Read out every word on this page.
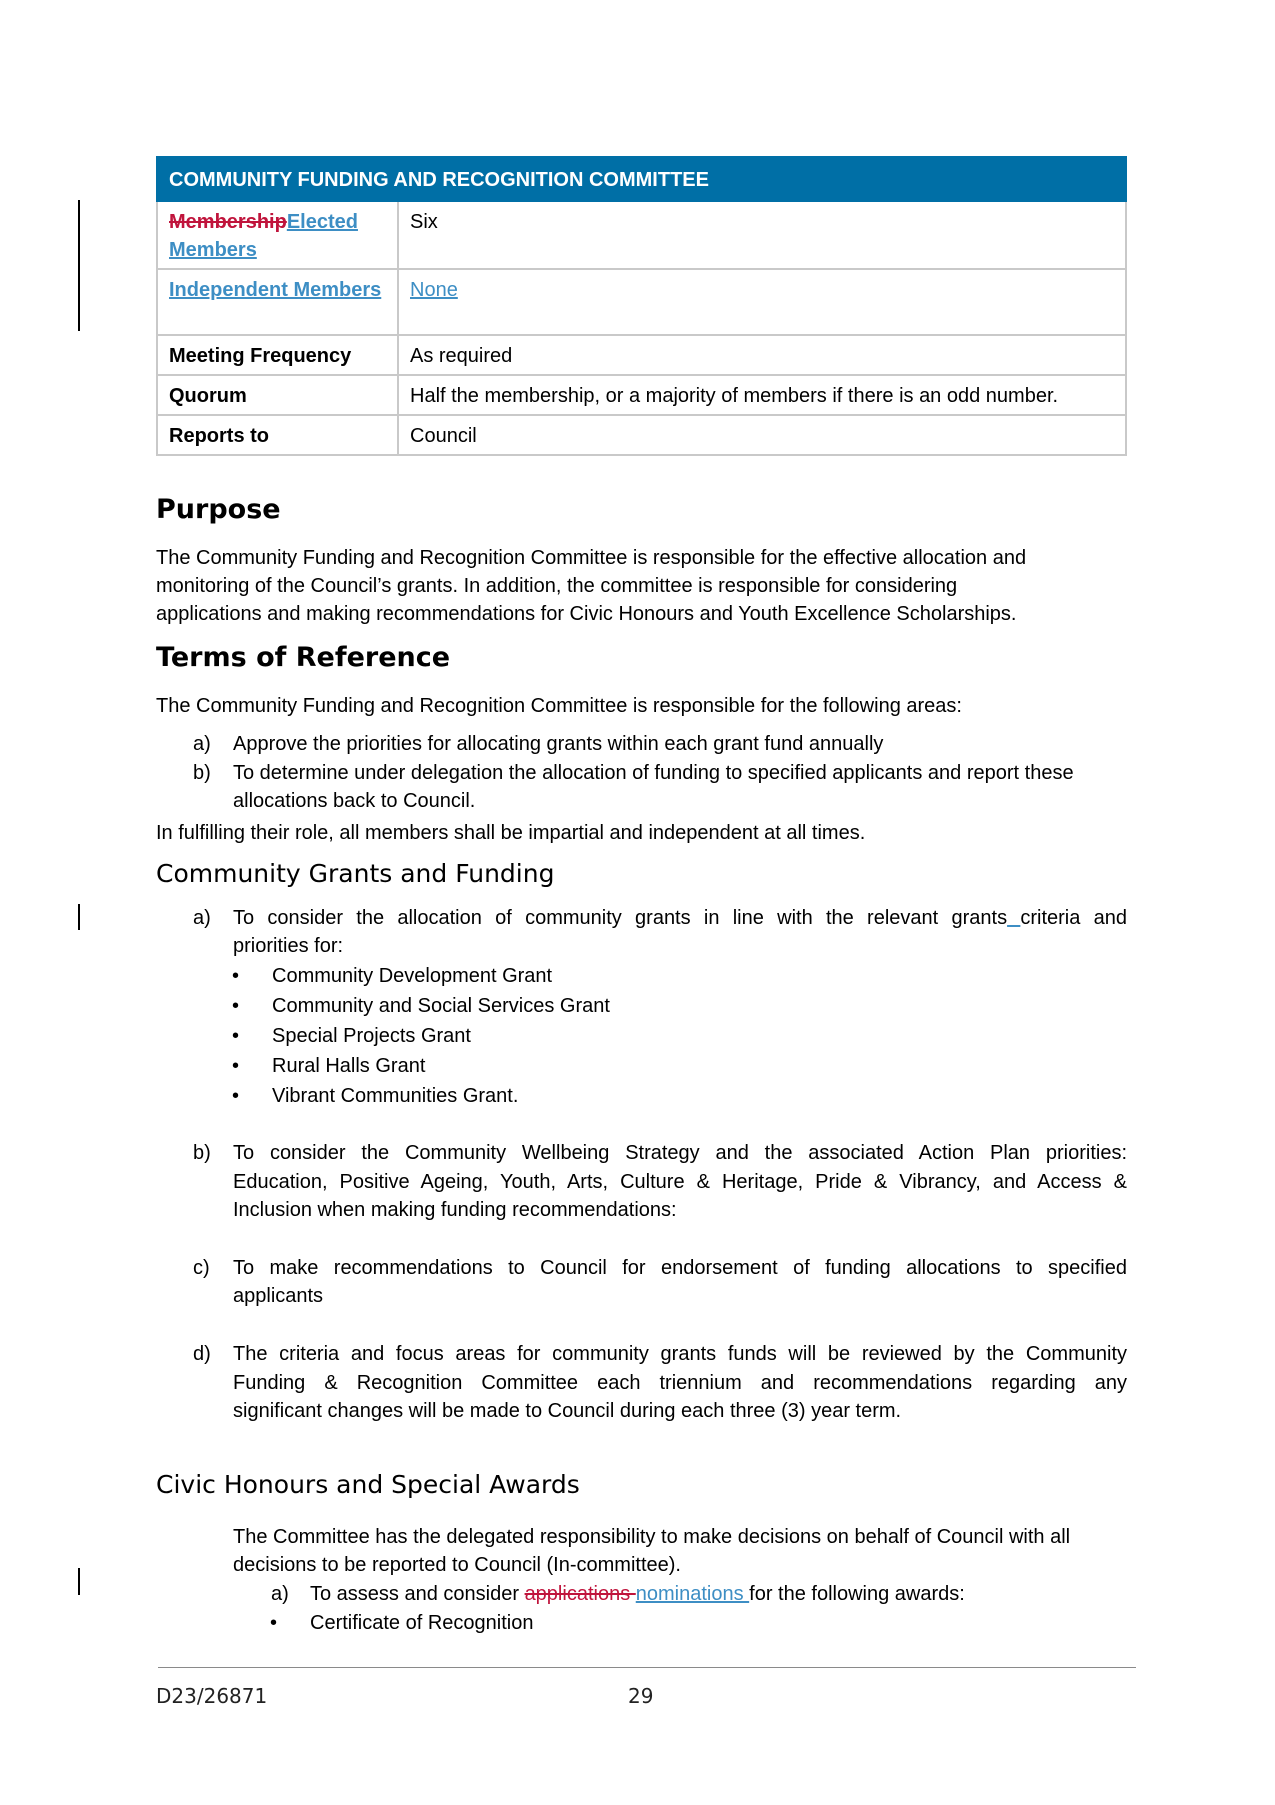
COMMUNITY FUNDING AND RECOGNITION COMMITTEE	
MembershipElected Members	Six
Independent Members	None
Meeting Frequency	As required
Quorum	Half the membership, or a majority of members if there is an odd number.
Reports to	Council
Purpose
The Community Funding and Recognition Committee is responsible for the effective allocation and
monitoring of the Council’s grants. In addition, the committee is responsible for considering
applications and making recommendations for Civic Honours and Youth Excellence Scholarships.
Terms of Reference
The Community Funding and Recognition Committee is responsible for the following areas:
a) Approve the priorities for allocating grants within each grant fund annually
b) To determine under delegation the allocation of funding to specified applicants and report these
allocations back to Council.
In fulfilling their role, all members shall be impartial and independent at all times.
Community Grants and Funding
a) To consider the allocation of community grants in line with the relevant grants criteria and
priorities for:
• Community Development Grant
• Community and Social Services Grant
• Special Projects Grant
• Rural Halls Grant
• Vibrant Communities Grant.
b) To consider the Community Wellbeing Strategy and the associated Action Plan priorities:
Education, Positive Ageing, Youth, Arts, Culture & Heritage, Pride & Vibrancy, and Access &
Inclusion when making funding recommendations:
c) To make recommendations to Council for endorsement of funding allocations to specified
applicants
d) The criteria and focus areas for community grants funds will be reviewed by the Community
Funding & Recognition Committee each triennium and recommendations regarding any
significant changes will be made to Council during each three (3) year term.
Civic Honours and Special Awards
The Committee has the delegated responsibility to make decisions on behalf of Council with all
decisions to be reported to Council (In-committee).
a) To assess and consider applications nominations for the following awards:
• Certificate of Recognition
D23/26871	29
